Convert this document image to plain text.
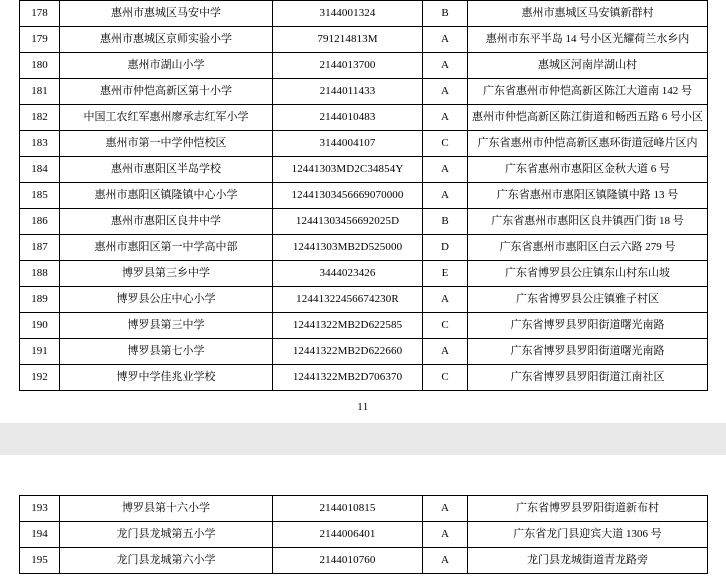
178	惠州市惠城区马安中学	3144001324	B	惠州市惠城区马安镇新群村
179	惠州市惠城区京师实验小学	791214813M	A	惠州市东平半岛 14 号小区光耀荷兰水乡内
180	惠州市湖山小学	2144013700	A	惠城区河南岸湖山村
181	惠州市仲恺高新区第十小学	2144011433	A	广东省惠州市仲恺高新区陈江大道南 142 号
182	中国工农红军惠州廖承志红军小学	2144010483	A	惠州市仲恺高新区陈江街道和畅西五路 6 号小区
183	惠州市第一中学仲恺校区	3144004107	C	广东省惠州市仲恺高新区惠环街道冠峰片区内
184	惠州市惠阳区半岛学校	12441303MD2C34854Y	A	广东省惠州市惠阳区金秋大道 6 号
185	惠州市惠阳区镇隆镇中心小学	12441303456669070000	A	广东省惠州市惠阳区镇隆镇中路 13 号
186	惠州市惠阳区良井中学	12441303456692025D	B	广东省惠州市惠阳区良井镇西门街 18 号
187	惠州市惠阳区第一中学高中部	12441303MB2D525000	D	广东省惠州市惠阳区白云六路 279 号
188	博罗县第三乡中学	3444023426	E	广东省博罗县公庄镇东山村东山坡
189	博罗县公庄中心小学	12441322456674230R	A	广东省博罗县公庄镇雅子村区
190	博罗县第三中学	12441322MB2D622585	C	广东省博罗县罗阳街道曙光南路
191	博罗县第七小学	12441322MB2D622660	A	广东省博罗县罗阳街道曙光南路
192	博罗中学佳兆业学校	12441322MB2D706370	C	广东省博罗县罗阳街道江南社区
11
193	博罗县第十六小学	2144010815	A	广东省博罗县罗阳街道新布村
194	龙门县龙城第五小学	2144006401	A	广东省龙门县迎宾大道 1306 号
195	龙门县龙城第六小学	2144010760	A	龙门县龙城街道青龙路旁
